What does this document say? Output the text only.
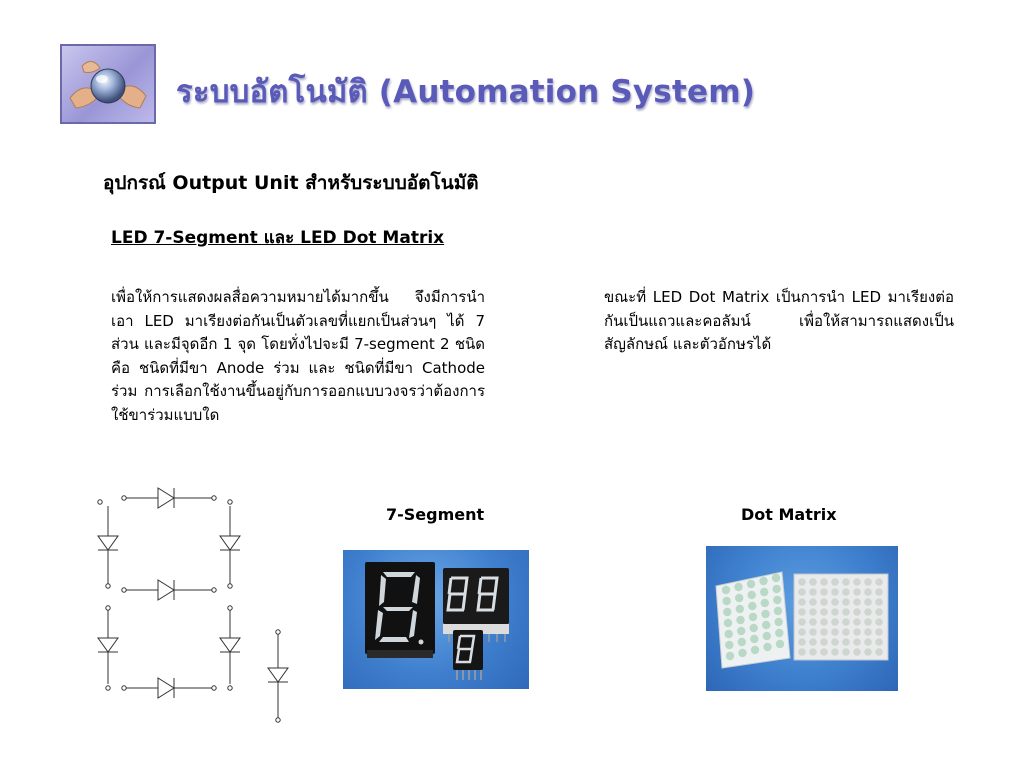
ระบบอัตโนมัติ (Automation System)
อุปกรณ์ Output Unit สำหรับระบบอัตโนมัติ
LED 7-Segment และ LED Dot Matrix
เพื่อให้การแสดงผลสื่อความหมายได้มากขึ้น จึงมีการนำเอา LED มาเรียงต่อกันเป็นตัวเลขที่แยกเป็นส่วนๆ ได้ 7 ส่วน และมีจุดอีก 1 จุด โดยทั่งไปจะมี 7-segment 2 ชนิด คือ ชนิดที่มีขา Anode ร่วม และ ชนิดที่มีขา Cathode ร่วม การเลือกใช้งานขึ้นอยู่กับการออกแบบวงจรว่าต้องการใช้ขาร่วมแบบใด
ขณะที่ LED Dot Matrix เป็นการนำ LED มาเรียงต่อกันเป็นแถวและคอลัมน์ เพื่อให้สามารถแสดงเป็นสัญลักษณ์ และตัวอักษรได้
7-Segment	Dot Matrix
